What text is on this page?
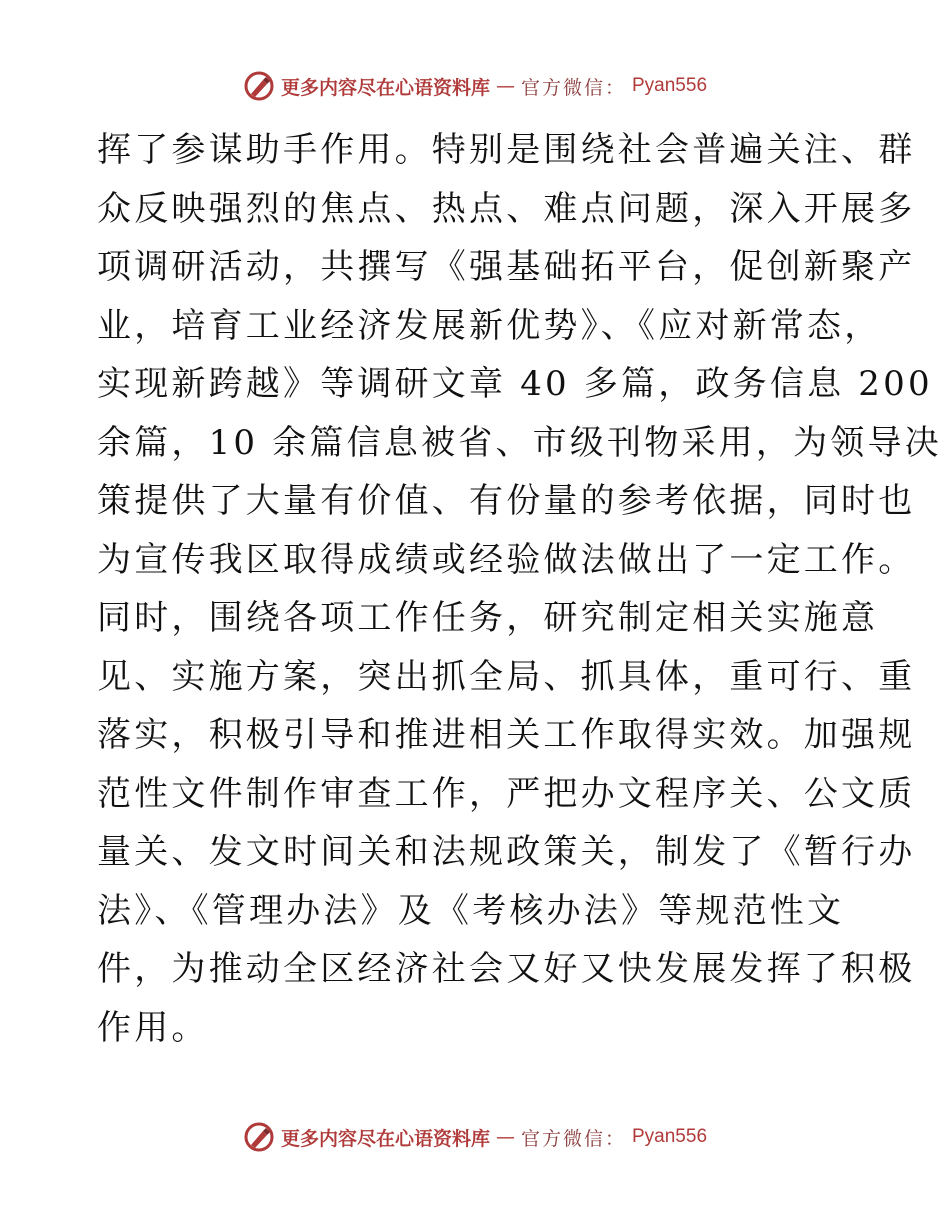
更多内容尽在心语资料库 — 官方微信： Pyan556
挥了参谋助手作用。特别是围绕社会普遍关注、群
众反映强烈的焦点、热点、难点问题，深入开展多
项调研活动，共撰写《强基础拓平台，促创新聚产
业，培育工业经济发展新优势》、《应对新常态，
实现新跨越》等调研文章 40 多篇，政务信息 200
余篇，10 余篇信息被省、市级刊物采用，为领导决
策提供了大量有价值、有份量的参考依据，同时也
为宣传我区取得成绩或经验做法做出了一定工作。
同时，围绕各项工作任务，研究制定相关实施意
见、实施方案，突出抓全局、抓具体，重可行、重
落实，积极引导和推进相关工作取得实效。加强规
范性文件制作审查工作，严把办文程序关、公文质
量关、发文时间关和法规政策关，制发了《暂行办
法》、《管理办法》及《考核办法》等规范性文
件，为推动全区经济社会又好又快发展发挥了积极
作用。
更多内容尽在心语资料库 — 官方微信： Pyan556
